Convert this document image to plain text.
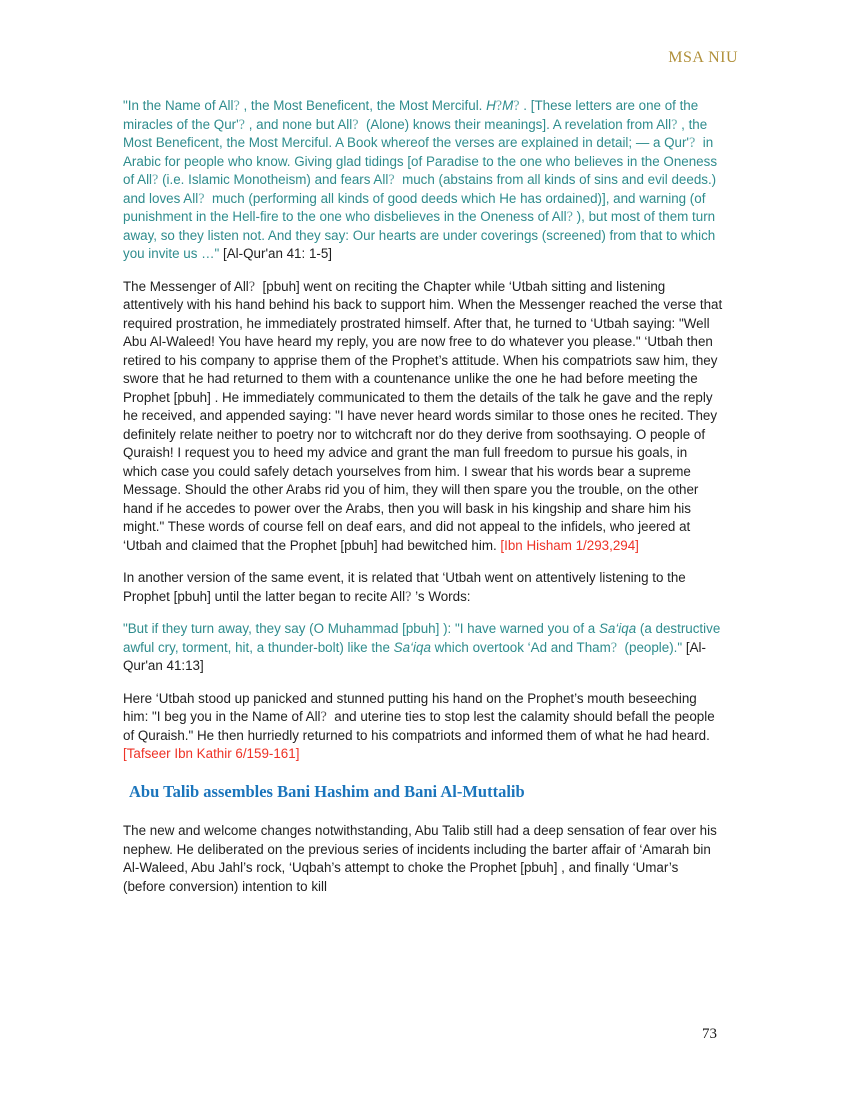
MSA NIU

"In the Name of All? , the Most Beneficent, the Most Merciful. H?M? . [These letters are one of the miracles of the Qur'? , and none but All?  (Alone) knows their meanings]. A revelation from All? , the Most Beneficent, the Most Merciful. A Book whereof the verses are explained in detail; — a Qur'?  in Arabic for people who know. Giving glad tidings [of Paradise to the one who believes in the Oneness of All? (i.e. Islamic Monotheism) and fears All?  much (abstains from all kinds of sins and evil deeds.) and loves All?  much (performing all kinds of good deeds which He has ordained)], and warning (of punishment in the Hell-fire to the one who disbelieves in the Oneness of All? ), but most of them turn away, so they listen not. And they say: Our hearts are under coverings (screened) from that to which you invite us …" [Al-Qur'an 41: 1-5]

The Messenger of All?  [pbuh] went on reciting the Chapter while ‘Utbah sitting and listening attentively with his hand behind his back to support him. When the Messenger reached the verse that required prostration, he immediately prostrated himself. After that, he turned to ‘Utbah saying: "Well Abu Al-Waleed! You have heard my reply, you are now free to do whatever you please." ‘Utbah then retired to his company to apprise them of the Prophet’s attitude. When his compatriots saw him, they swore that he had returned to them with a countenance unlike the one he had before meeting the Prophet [pbuh] . He immediately communicated to them the details of the talk he gave and the reply he received, and appended saying: "I have never heard words similar to those ones he recited. They definitely relate neither to poetry nor to witchcraft nor do they derive from soothsaying. O people of Quraish! I request you to heed my advice and grant the man full freedom to pursue his goals, in which case you could safely detach yourselves from him. I swear that his words bear a supreme Message. Should the other Arabs rid you of him, they will then spare you the trouble, on the other hand if he accedes to power over the Arabs, then you will bask in his kingship and share him his might." These words of course fell on deaf ears, and did not appeal to the infidels, who jeered at ‘Utbah and claimed that the Prophet [pbuh] had bewitched him. [Ibn Hisham 1/293,294]

In another version of the same event, it is related that ‘Utbah went on attentively listening to the Prophet [pbuh] until the latter began to recite All? ’s Words:

"But if they turn away, they say (O Muhammad [pbuh] ): "I have warned you of a Sa‘iqa (a destructive awful cry, torment, hit, a thunder-bolt) like the Sa‘iqa which overtook ‘Ad and Tham?  (people)." [Al-Qur'an 41:13]

Here ‘Utbah stood up panicked and stunned putting his hand on the Prophet’s mouth beseeching him: "I beg you in the Name of All?  and uterine ties to stop lest the calamity should befall the people of Quraish." He then hurriedly returned to his compatriots and informed them of what he had heard. [Tafseer Ibn Kathir 6/159-161]

Abu Talib assembles Bani Hashim and Bani Al-Muttalib

The new and welcome changes notwithstanding, Abu Talib still had a deep sensation of fear over his nephew. He deliberated on the previous series of incidents including the barter affair of ‘Amarah bin Al-Waleed, Abu Jahl’s rock, ‘Uqbah’s attempt to choke the Prophet [pbuh] , and finally ‘Umar’s (before conversion) intention to kill

73
